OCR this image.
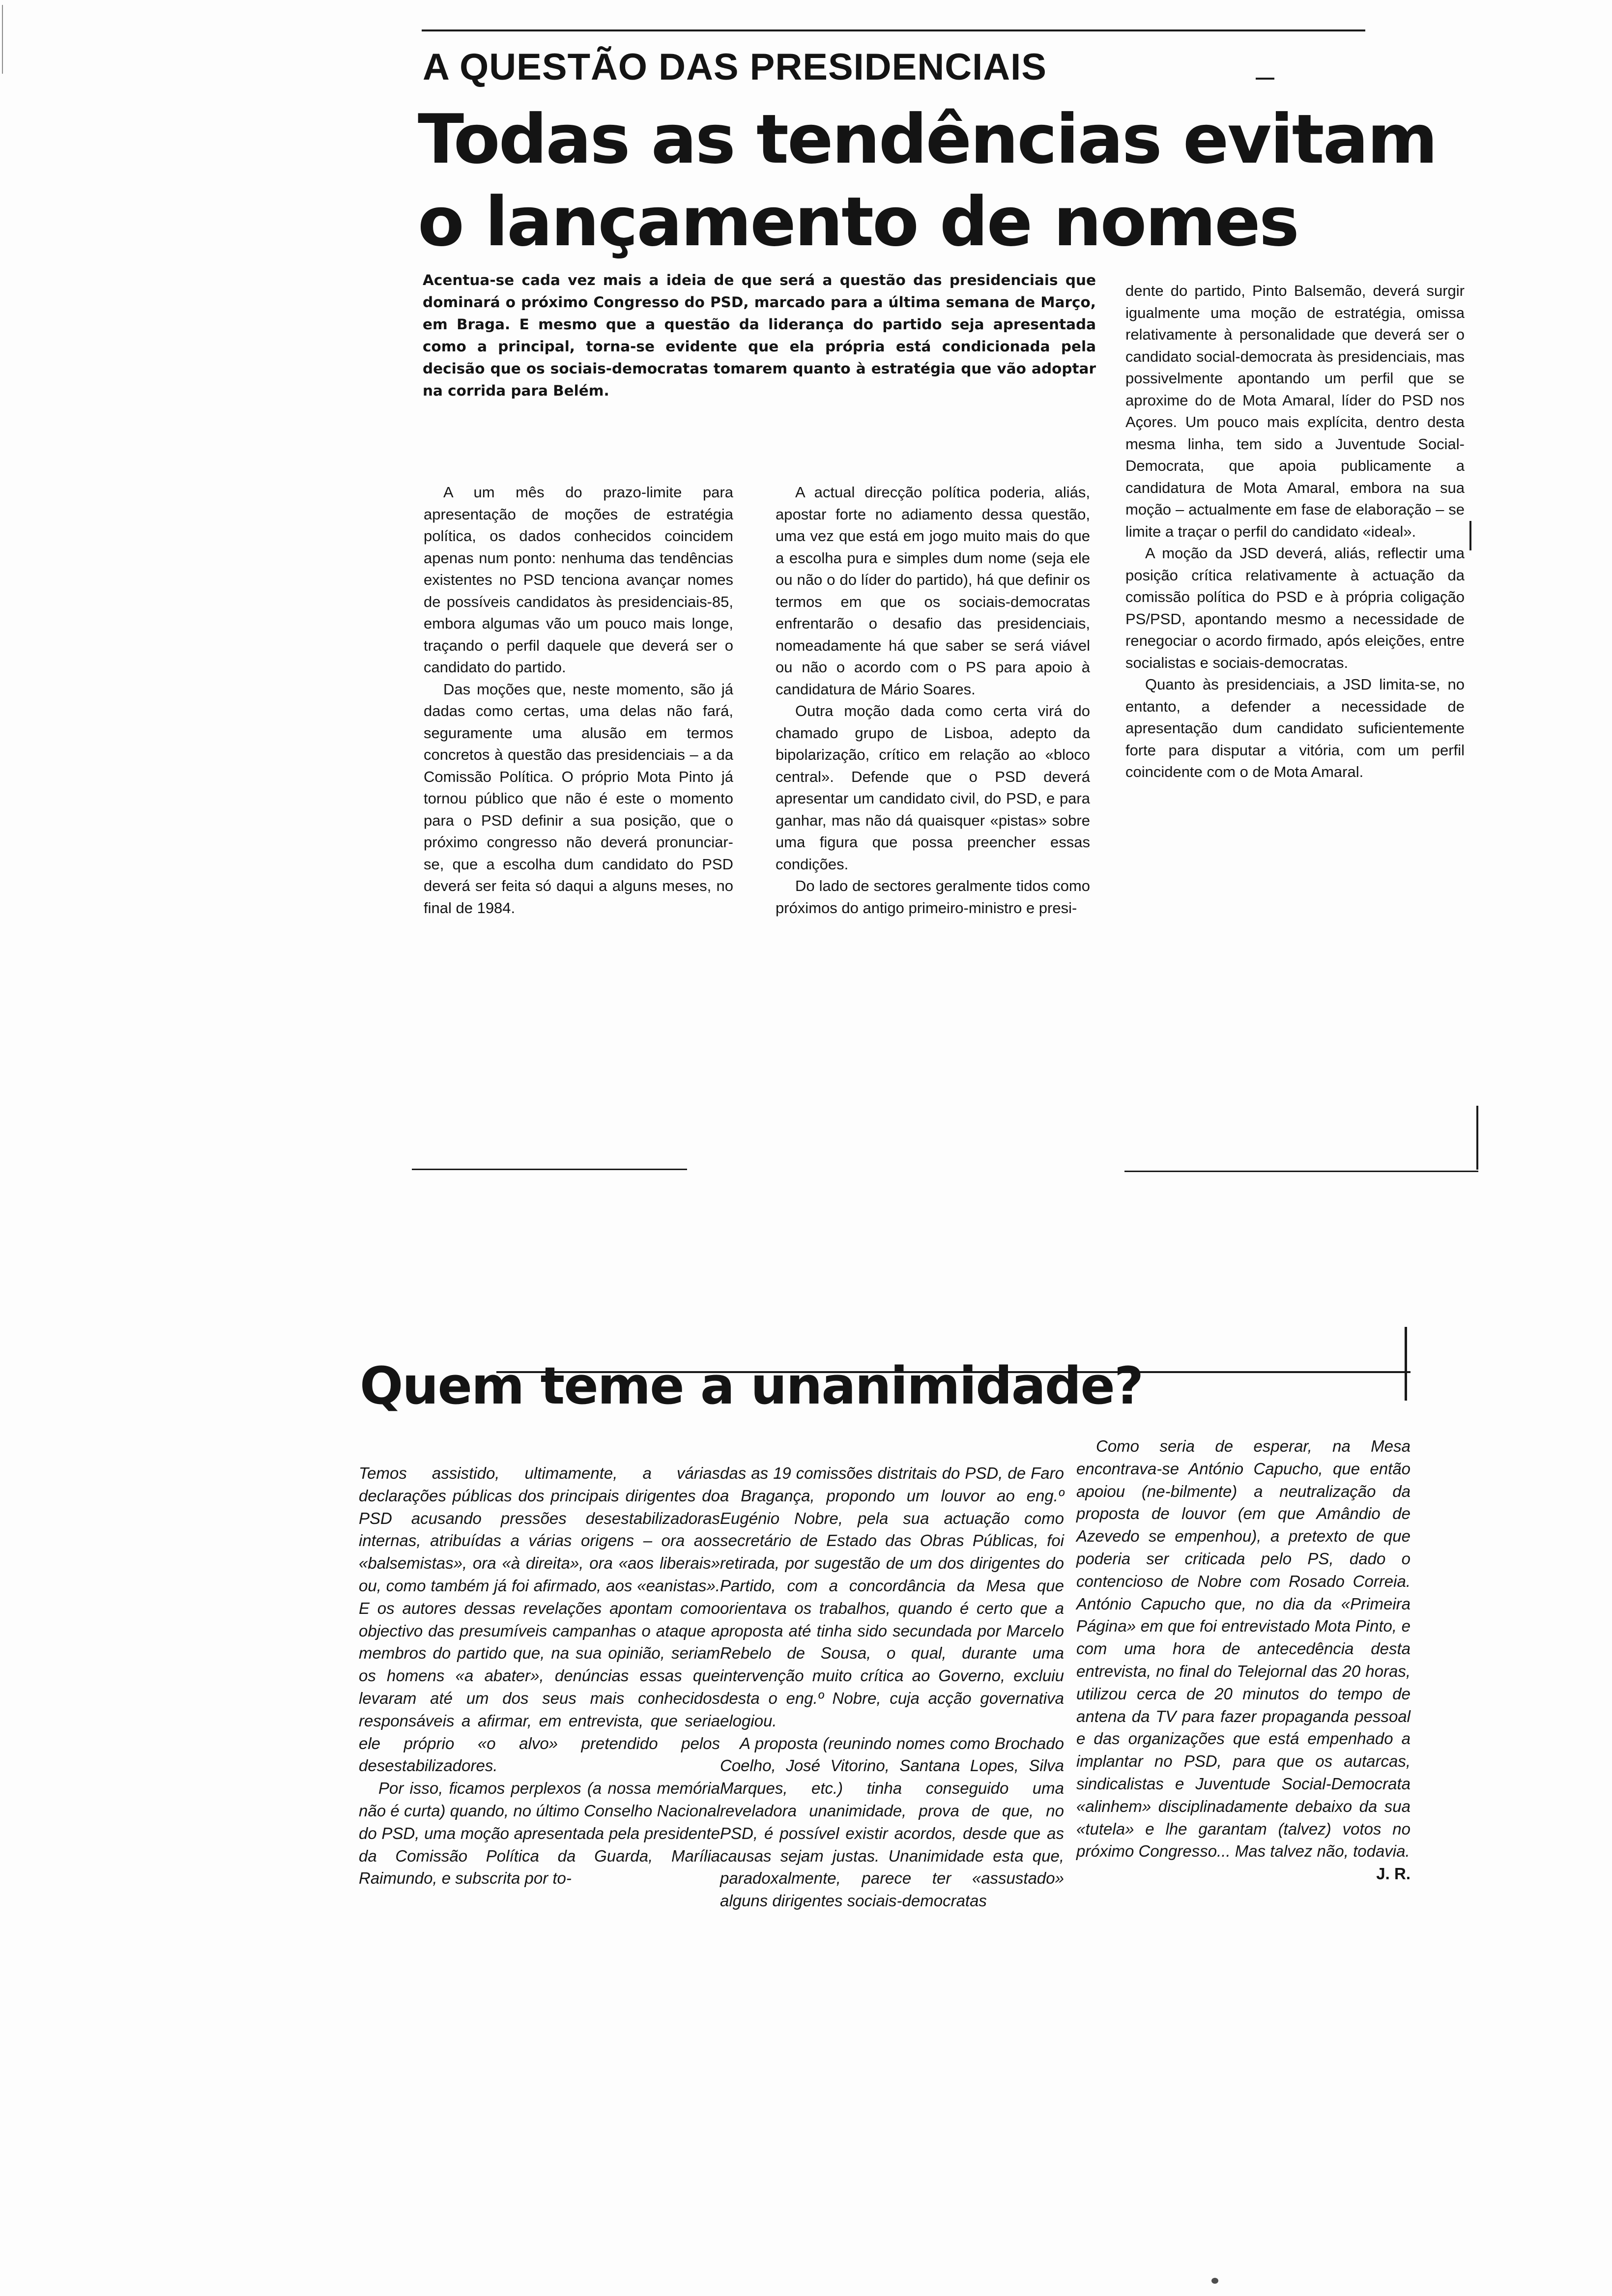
A QUESTÃO DAS PRESIDENCIAIS
Todas as tendências evitam
o lançamento de nomes
Acentua-se cada vez mais a ideia de que será a questão das presidenciais que dominará o próximo Congresso do PSD, marcado para a última semana de Março, em Braga. E mesmo que a questão da liderança do partido seja apresentada como a principal, torna-se evidente que ela própria está condicionada pela decisão que os sociais-democratas tomarem quanto à estratégia que vão adoptar na corrida para Belém.

A um mês do prazo-limite para apresentação de moções de estratégia política, os dados conhecidos coincidem apenas num ponto: nenhuma das tendências existentes no PSD tenciona avançar nomes de possíveis candidatos às presidenciais-85, embora algumas vão um pouco mais longe, traçando o perfil daquele que deverá ser o candidato do partido.

Das moções que, neste momento, são já dadas como certas, uma delas não fará, seguramente uma alusão em termos concretos à questão das presidenciais – a da Comissão Política. O próprio Mota Pinto já tornou público que não é este o momento para o PSD definir a sua posição, que o próximo congresso não deverá pronunciar-se, que a escolha dum candidato do PSD deverá ser feita só daqui a alguns meses, no final de 1984.

A actual direcção política poderia, aliás, apostar forte no adiamento dessa questão, uma vez que está em jogo muito mais do que a escolha pura e simples dum nome (seja ele ou não o do líder do partido), há que definir os termos em que os sociais-democratas enfrentarão o desafio das presidenciais, nomeadamente há que saber se será viável ou não o acordo com o PS para apoio à candidatura de Mário Soares.

Outra moção dada como certa virá do chamado grupo de Lisboa, adepto da bipolarização, crítico em relação ao «bloco central». Defende que o PSD deverá apresentar um candidato civil, do PSD, e para ganhar, mas não dá quaisquer «pistas» sobre uma figura que possa preencher essas condições.

Do lado de sectores geralmente tidos como próximos do antigo primeiro-ministro e presi-

dente do partido, Pinto Balsemão, deverá surgir igualmente uma moção de estratégia, omissa relativamente à personalidade que deverá ser o candidato social-democrata às presidenciais, mas possivelmente apontando um perfil que se aproxime do de Mota Amaral, líder do PSD nos Açores. Um pouco mais explícita, dentro desta mesma linha, tem sido a Juventude Social-Democrata, que apoia publicamente a candidatura de Mota Amaral, embora na sua moção – actualmente em fase de elaboração – se limite a traçar o perfil do candidato «ideal».

A moção da JSD deverá, aliás, reflectir uma posição crítica relativamente à actuação da comissão política do PSD e à própria coligação PS/PSD, apontando mesmo a necessidade de renegociar o acordo firmado, após eleições, entre socialistas e sociais-democratas.

Quanto às presidenciais, a JSD limita-se, no entanto, a defender a necessidade de apresentação dum candidato suficientemente forte para disputar a vitória, com um perfil coincidente com o de Mota Amaral.

Quem teme a unanimidade?

Temos assistido, ultimamente, a várias declarações públicas dos principais dirigentes do PSD acusando pressões desestabilizadoras internas, atribuídas a várias origens – ora aos «balsemistas», ora «à direita», ora «aos liberais» ou, como também já foi afirmado, aos «eanistas». E os autores dessas revelações apontam como objectivo das presumíveis campanhas o ataque a membros do partido que, na sua opinião, seriam os homens «a abater», denúncias essas que levaram até um dos seus mais conhecidos responsáveis a afirmar, em entrevista, que seria ele próprio «o alvo» pretendido pelos desestabilizadores.

Por isso, ficamos perplexos (a nossa memória não é curta) quando, no último Conselho Nacional do PSD, uma moção apresentada pela presidente da Comissão Política da Guarda, Marília Raimundo, e subscrita por to-

das as 19 comissões distritais do PSD, de Faro a Bragança, propondo um louvor ao eng.º Eugénio Nobre, pela sua actuação como secretário de Estado das Obras Públicas, foi retirada, por sugestão de um dos dirigentes do Partido, com a concordância da Mesa que orientava os trabalhos, quando é certo que a proposta até tinha sido secundada por Marcelo Rebelo de Sousa, o qual, durante uma intervenção muito crítica ao Governo, excluiu desta o eng.º Nobre, cuja acção governativa elogiou.

A proposta (reunindo nomes como Brochado Coelho, José Vitorino, Santana Lopes, Silva Marques, etc.) tinha conseguido uma reveladora unanimidade, prova de que, no PSD, é possível existir acordos, desde que as causas sejam justas. Unanimidade esta que, paradoxalmente, parece ter «assustado» alguns dirigentes sociais-democratas

Como seria de esperar, na Mesa encontrava-se António Capucho, que então apoiou (ne-bilmente) a neutralização da proposta de louvor (em que Amândio de Azevedo se empenhou), a pretexto de que poderia ser criticada pelo PS, dado o contencioso de Nobre com Rosado Correia. António Capucho que, no dia da «Primeira Página» em que foi entrevistado Mota Pinto, e com uma hora de antecedência desta entrevista, no final do Telejornal das 20 horas, utilizou cerca de 20 minutos do tempo de antena da TV para fazer propaganda pessoal e das organizações que está empenhado a implantar no PSD, para que os autarcas, sindicalistas e Juventude Social-Democrata «alinhem» disciplinadamente debaixo da sua «tutela» e lhe garantam (talvez) votos no próximo Congresso... Mas talvez não, todavia.
J. R.
